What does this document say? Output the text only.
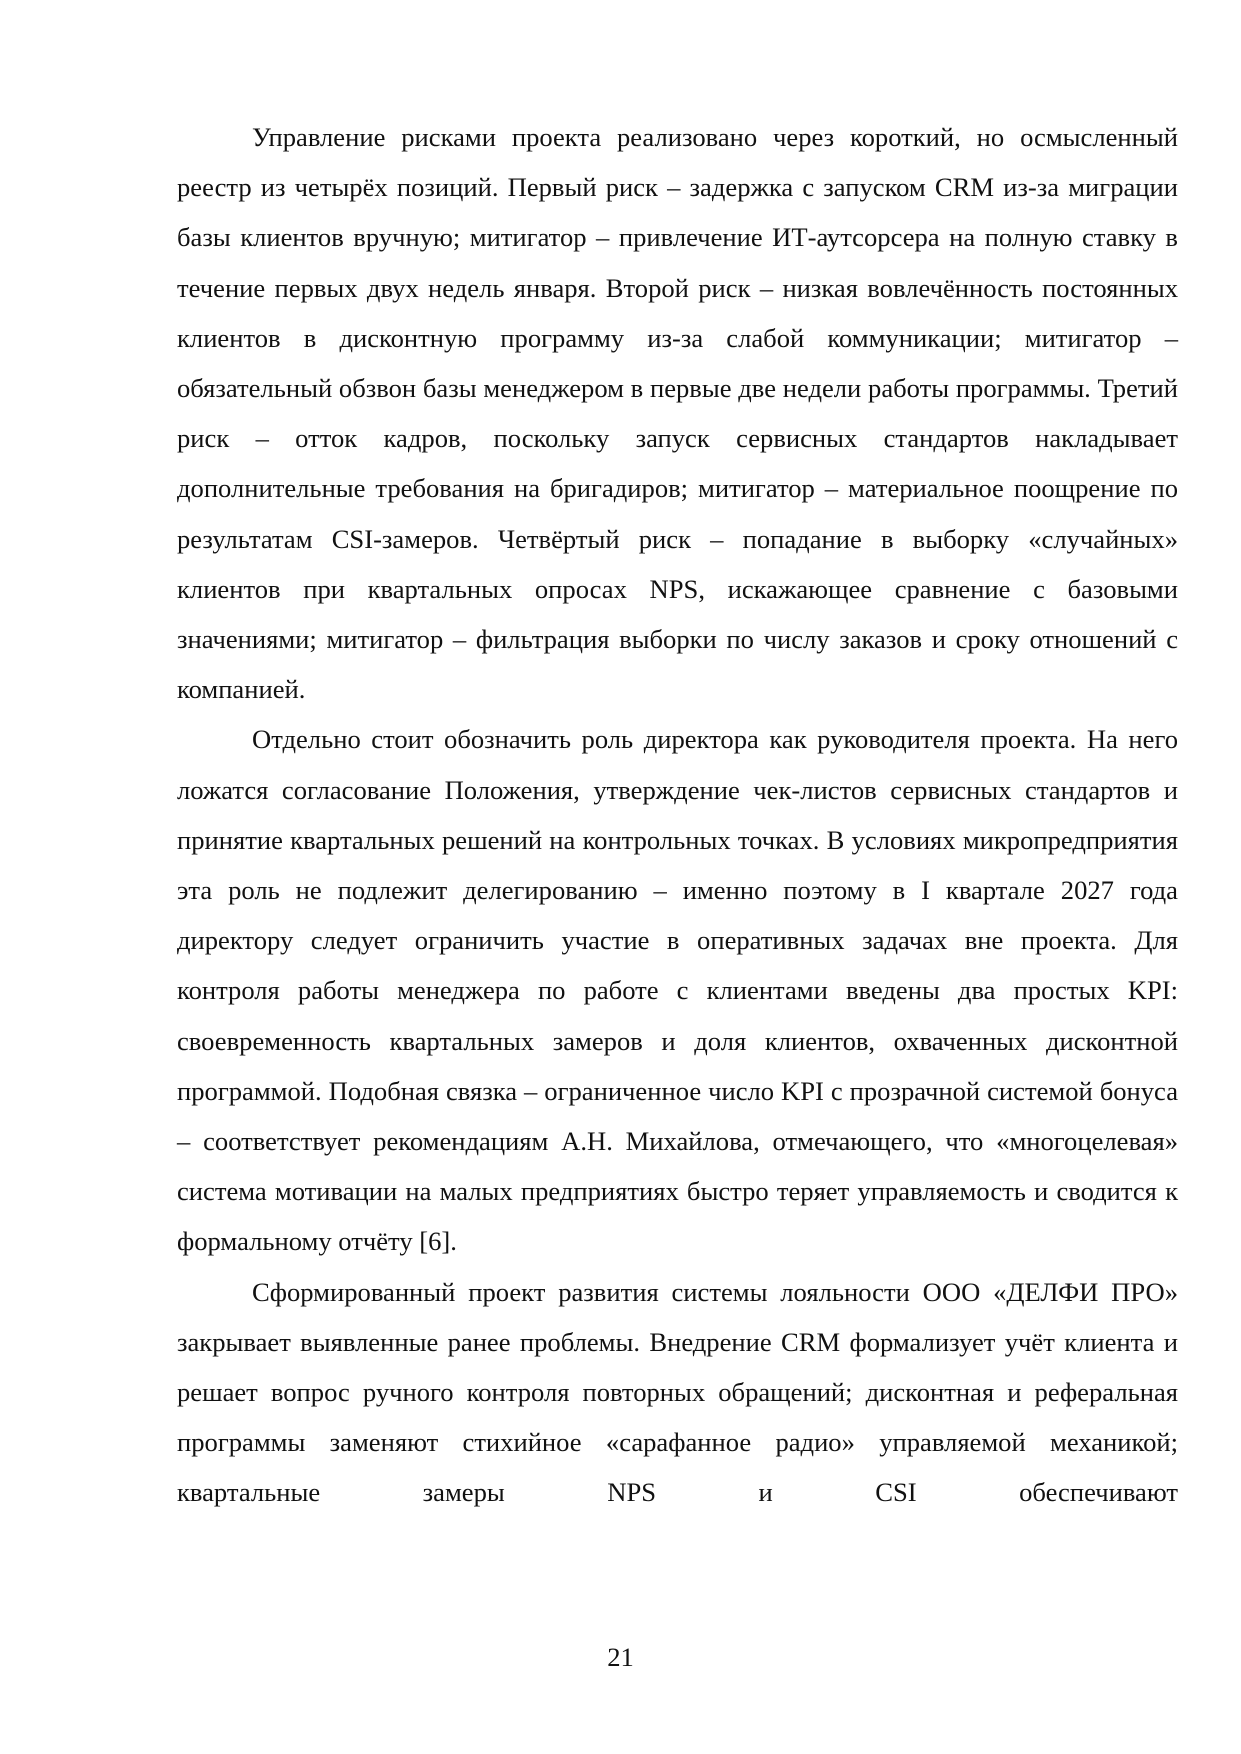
Управление рисками проекта реализовано через короткий, но осмысленный реестр из четырёх позиций. Первый риск – задержка с запуском CRM из-за миграции базы клиентов вручную; митигатор – привлечение ИТ-аутсорсера на полную ставку в течение первых двух недель января. Второй риск – низкая вовлечённость постоянных клиентов в дисконтную программу из-за слабой коммуникации; митигатор – обязательный обзвон базы менеджером в первые две недели работы программы. Третий риск – отток кадров, поскольку запуск сервисных стандартов накладывает дополнительные требования на бригадиров; митигатор – материальное поощрение по результатам CSI-замеров. Четвёртый риск – попадание в выборку «случайных» клиентов при квартальных опросах NPS, искажающее сравнение с базовыми значениями; митигатор – фильтрация выборки по числу заказов и сроку отношений с компанией.

Отдельно стоит обозначить роль директора как руководителя проекта. На него ложатся согласование Положения, утверждение чек-листов сервисных стандартов и принятие квартальных решений на контрольных точках. В условиях микропредприятия эта роль не подлежит делегированию – именно поэтому в I квартале 2027 года директору следует ограничить участие в оперативных задачах вне проекта. Для контроля работы менеджера по работе с клиентами введены два простых KPI: своевременность квартальных замеров и доля клиентов, охваченных дисконтной программой. Подобная связка – ограниченное число KPI с прозрачной системой бонуса – соответствует рекомендациям А.Н. Михайлова, отмечающего, что «многоцелевая» система мотивации на малых предприятиях быстро теряет управляемость и сводится к формальному отчёту [6].

Сформированный проект развития системы лояльности ООО «ДЕЛФИ ПРО» закрывает выявленные ранее проблемы. Внедрение CRM формализует учёт клиента и решает вопрос ручного контроля повторных обращений; дисконтная и реферальная программы заменяют стихийное «сарафанное радио» управляемой механикой; квартальные замеры NPS и CSI обеспечивают

21
